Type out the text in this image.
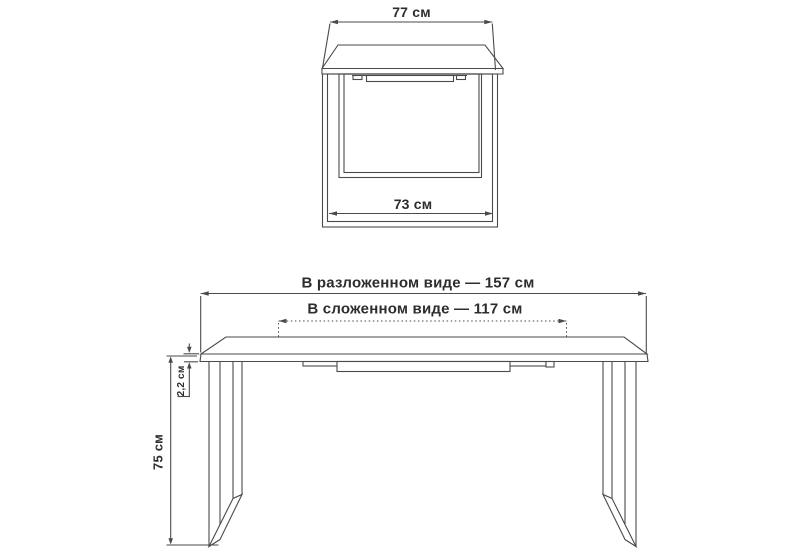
77 см
73 см
В разложенном виде — 157 см
В сложенном виде — 117 см
2,2 см
75 см
